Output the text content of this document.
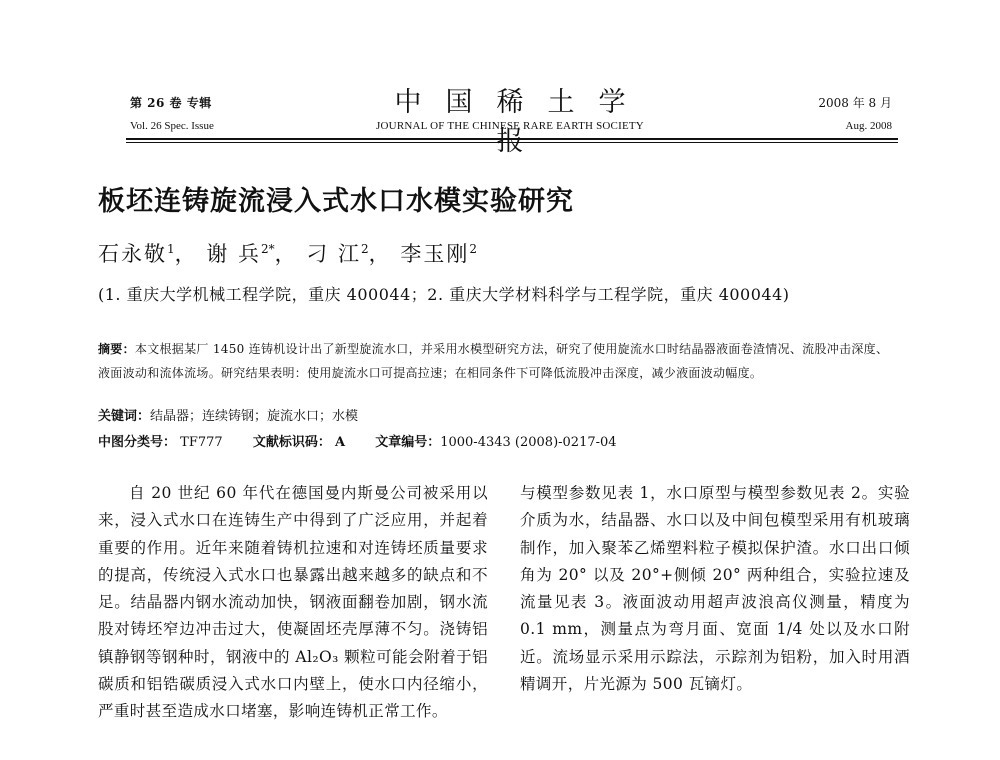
第 26 卷 专辑
Vol. 26 Spec. Issue
中国稀土学
JOURNAL OF THE CHINESE RARE EARTH SOCIETY
2008 年 8 月
Aug. 2008
板坯连铸旋流浸入式水口水模实验研究
石永敬$^1$， 谢 兵$^{2*}$， 刁 江$^2$， 李玉刚$^2$
(1. 重庆大学机械工程学院，重庆 400044；2. 重庆大学材料科学与工程学院，重庆 400044)
摘要：本文根据某厂 1450 连铸机设计出了新型旋流水口，并采用水模型研究方法，研究了使用旋流水口时结晶器液面卷渣情况、流股冲击深度、液面波动和流体流场。研究结果表明：使用旋流水口可提高拉速；在相同条件下可降低流股冲击深度，减少液面波动幅度。
关键词：结晶器；连续铸钢；旋流水口；水模
中图分类号： TF777 文献标识码： A 文章编号：1000-4343 (2008)-0217-04

自 20 世纪 60 年代在德国曼内斯曼公司被采用以来，浸入式水口在连铸生产中得到了广泛应用，并起着重要的作用。近年来随着铸机拉速和对连铸坯质量要求的提高，传统浸入式水口也暴露出越来越多的缺点和不足。结晶器内钢水流动加快，钢液面翻卷加剧，钢水流股对铸坯窄边冲击过大，使凝固坯壳厚薄不匀。浇铸铝镇静钢等钢种时，钢液中的 Al₂O₃ 颗粒可能会附着于铝碳质和铝锆碳质浸入式水口内壁上，使水口内径缩小，严重时甚至造成水口堵塞，影响连铸机正常工作。

与模型参数见表 1，水口原型与模型参数见表 2。实验介质为水，结晶器、水口以及中间包模型采用有机玻璃制作，加入聚苯乙烯塑料粒子模拟保护渣。水口出口倾角为 20° 以及 20°+侧倾 20° 两种组合，实验拉速及流量见表 3。液面波动用超声波浪高仪测量，精度为 0.1 mm，测量点为弯月面、宽面 1/4 处以及水口附近。流场显示采用示踪法，示踪剂为铝粉，加入时用酒精调开，片光源为 500 瓦镝灯。
